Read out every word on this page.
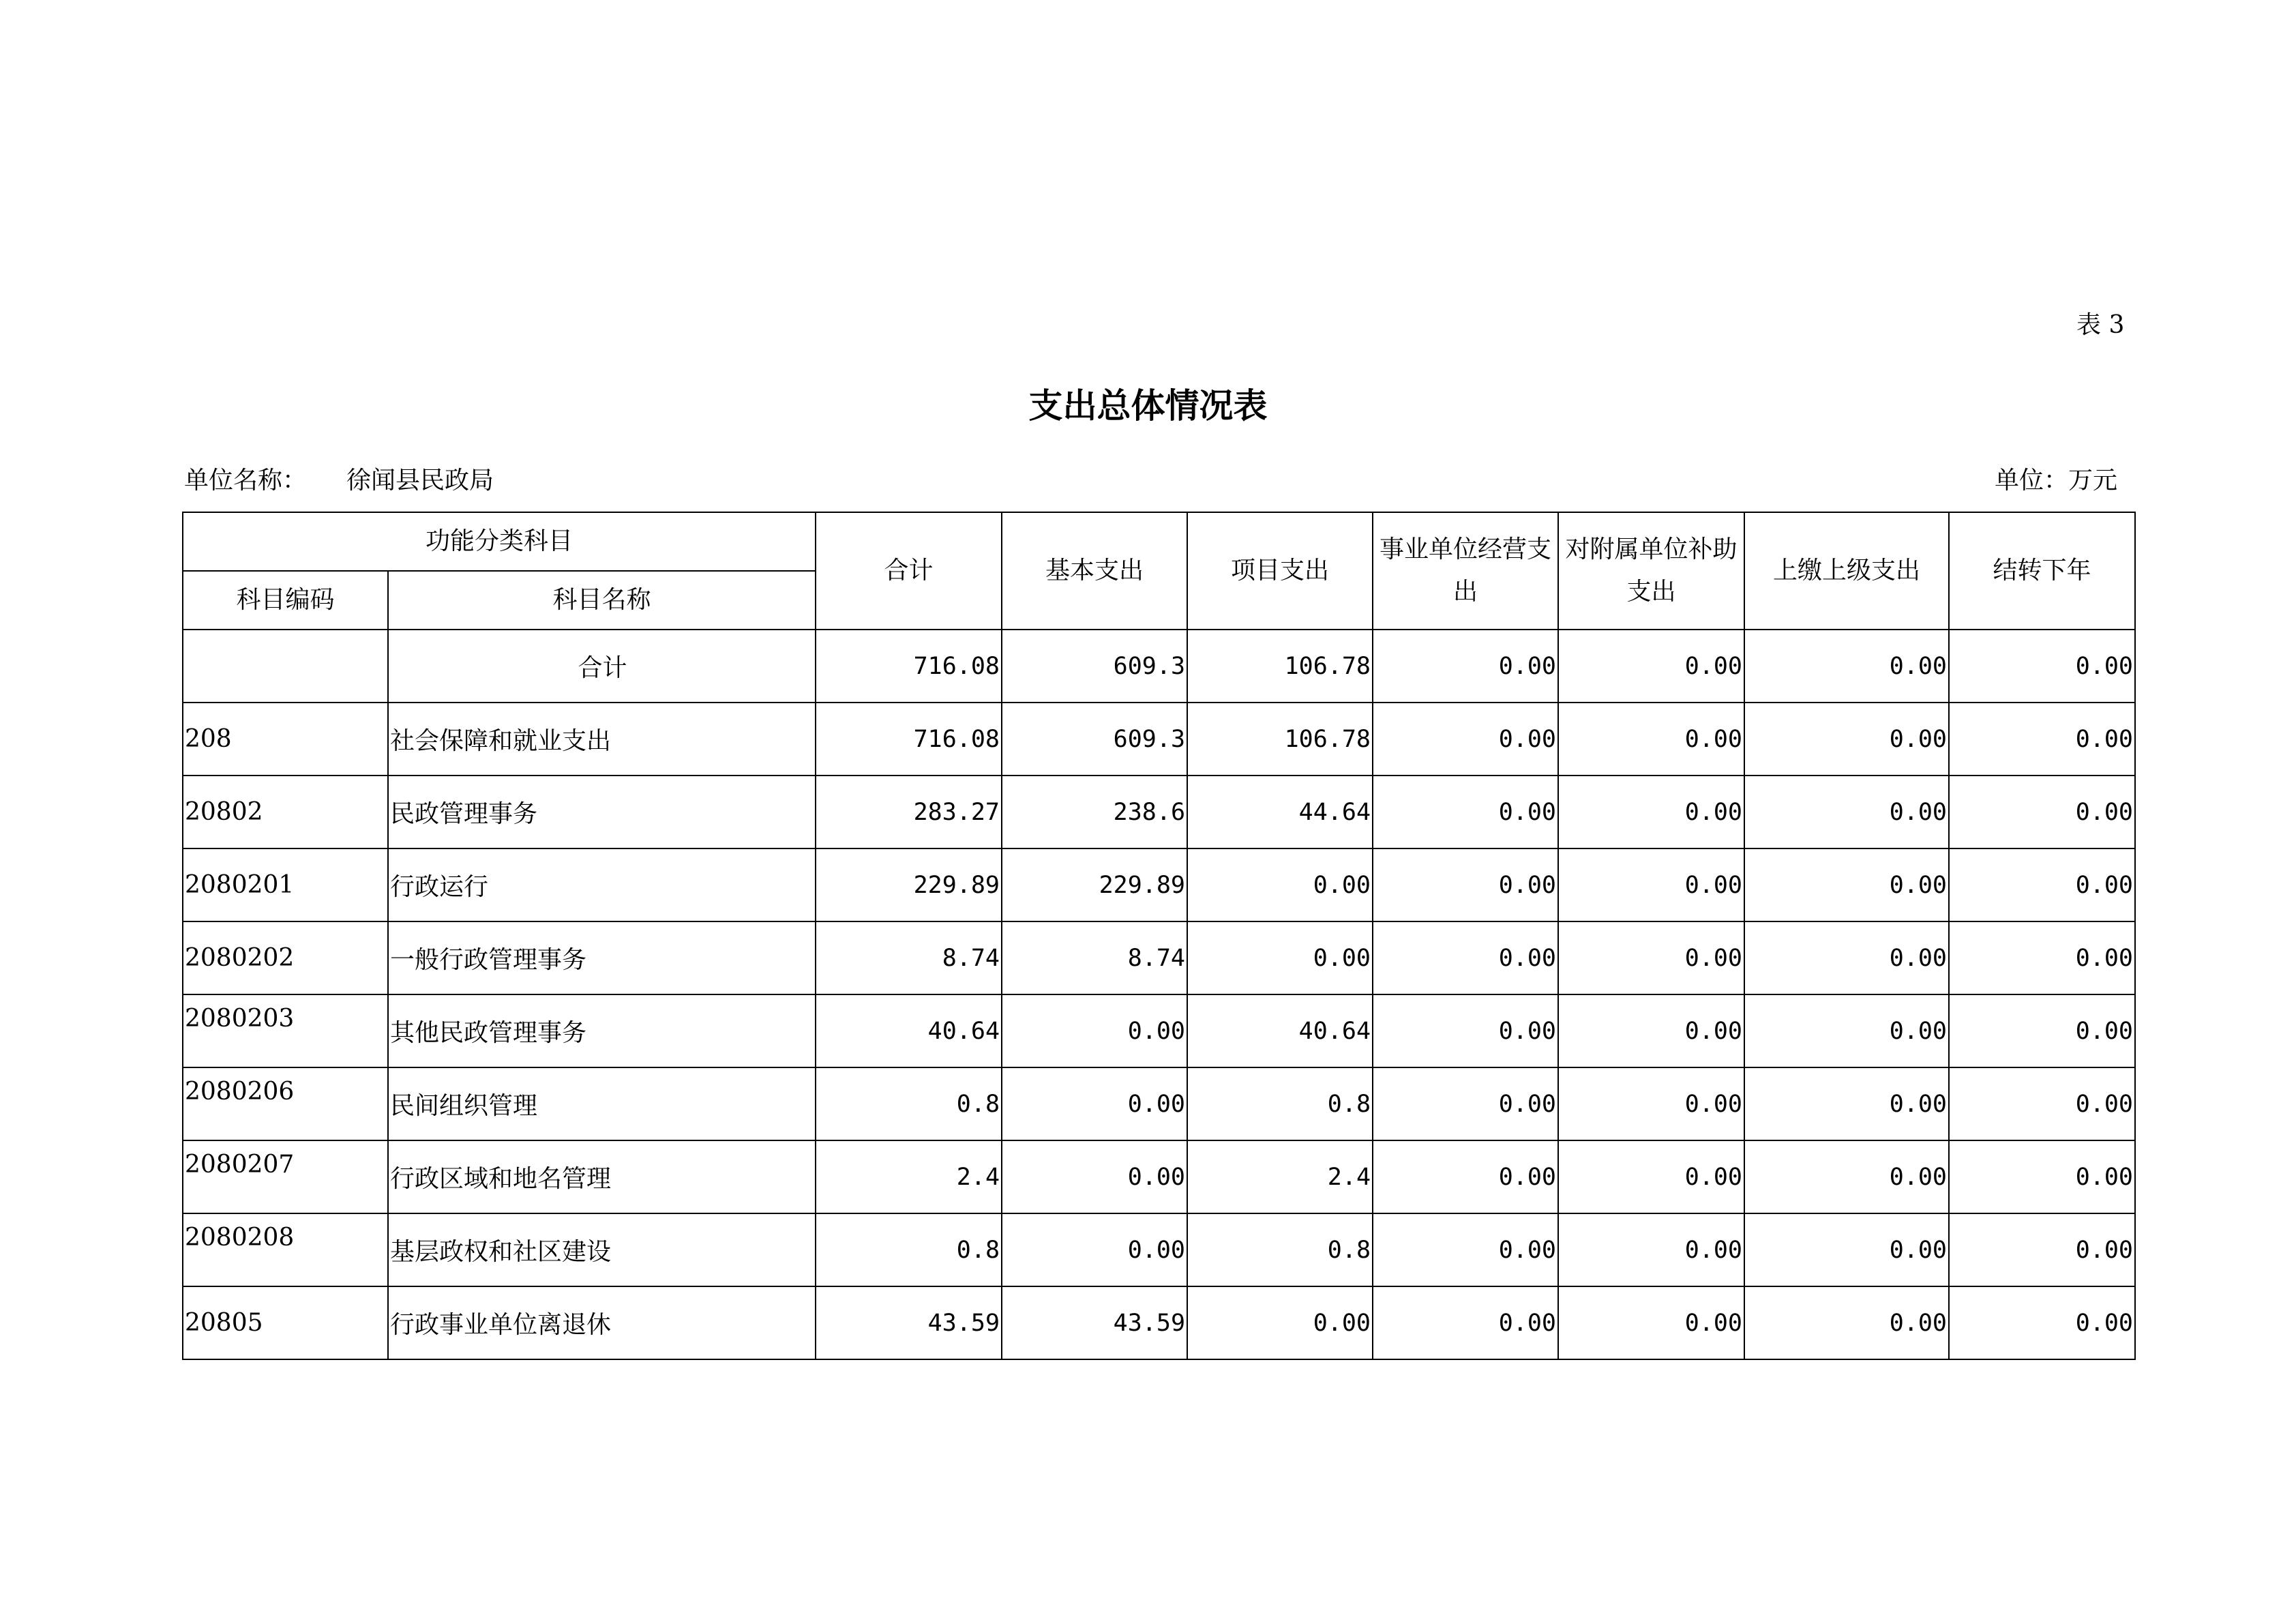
表 3
支出总体情况表
单位名称： 徐闻县民政局	单位：万元
功能分类科目		合计	基本支出	项目支出	事业单位经营支出	对附属单位补助支出	上缴上级支出	结转下年
科目编码	科目名称							
	合计	716.08	609.3	106.78	0.00	0.00	0.00	0.00
208	社会保障和就业支出	716.08	609.3	106.78	0.00	0.00	0.00	0.00
20802	民政管理事务	283.27	238.6	44.64	0.00	0.00	0.00	0.00
2080201	行政运行	229.89	229.89	0.00	0.00	0.00	0.00	0.00
2080202	一般行政管理事务	8.74	8.74	0.00	0.00	0.00	0.00	0.00
2080203	其他民政管理事务	40.64	0.00	40.64	0.00	0.00	0.00	0.00
2080206	民间组织管理	0.8	0.00	0.8	0.00	0.00	0.00	0.00
2080207	行政区域和地名管理	2.4	0.00	2.4	0.00	0.00	0.00	0.00
2080208	基层政权和社区建设	0.8	0.00	0.8	0.00	0.00	0.00	0.00
20805	行政事业单位离退休	43.59	43.59	0.00	0.00	0.00	0.00	0.00
